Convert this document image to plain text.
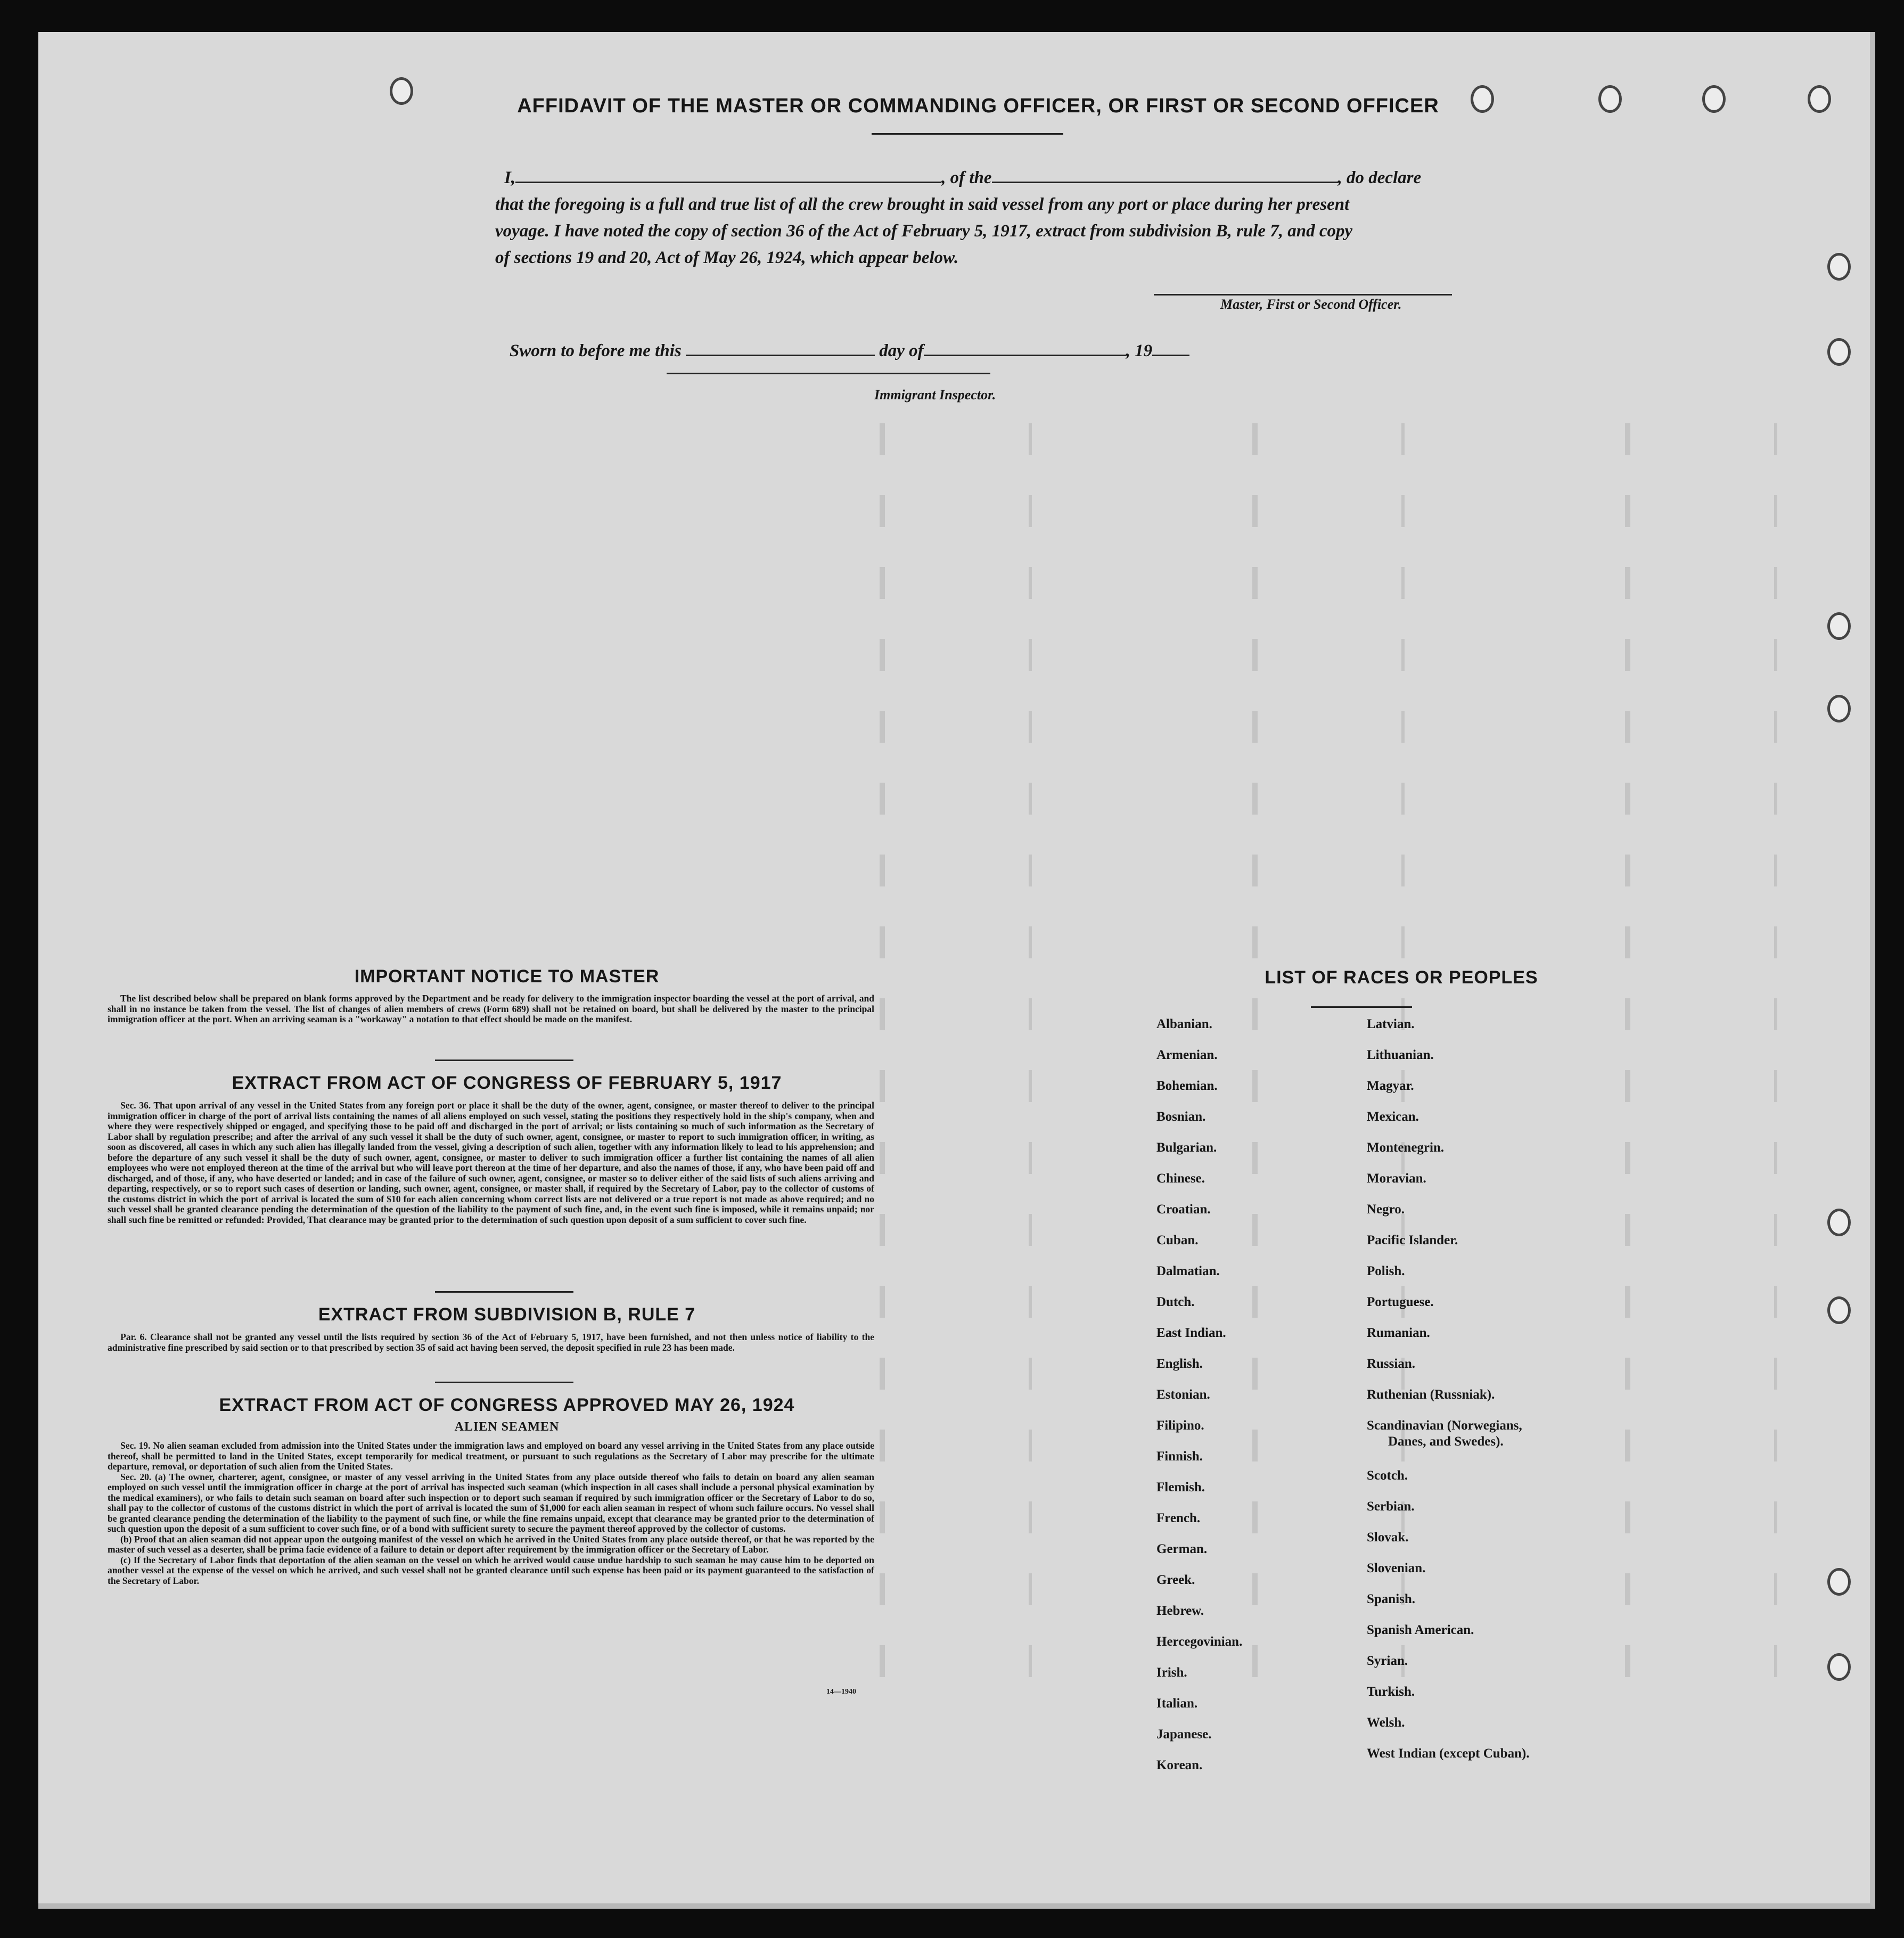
AFFIDAVIT OF THE MASTER OR COMMANDING OFFICER, OR FIRST OR SECOND OFFICER
I,	, of the	, do declare
that the foregoing is a full and true list of all the crew brought in said vessel from any port or place during her present
voyage. I have noted the copy of section 36 of the Act of February 5, 1917, extract from subdivision B, rule 7, and copy
of sections 19 and 20, Act of May 26, 1924, which appear below.
Master, First or Second Officer.
Sworn to before me this	day of	, 19
Immigrant Inspector.
IMPORTANT NOTICE TO MASTER

The list described below shall be prepared on blank forms approved by the Department and be ready for delivery to the immigration inspector boarding the vessel at the port of arrival, and shall in no instance be taken from the vessel. The list of changes of alien members of crews (Form 689) shall not be retained on board, but shall be delivered by the master to the principal immigration officer at the port. When an arriving seaman is a "workaway" a notation to that effect should be made on the manifest.

EXTRACT FROM ACT OF CONGRESS OF FEBRUARY 5, 1917

Sec. 36. That upon arrival of any vessel in the United States from any foreign port or place it shall be the duty of the owner, agent, consignee, or master thereof to deliver to the principal immigration officer in charge of the port of arrival lists containing the names of all aliens employed on such vessel, stating the positions they respectively hold in the ship's company, when and where they were respectively shipped or engaged, and specifying those to be paid off and discharged in the port of arrival; or lists containing so much of such information as the Secretary of Labor shall by regulation prescribe; and after the arrival of any such vessel it shall be the duty of such owner, agent, consignee, or master to report to such immigration officer, in writing, as soon as discovered, all cases in which any such alien has illegally landed from the vessel, giving a description of such alien, together with any information likely to lead to his apprehension; and before the departure of any such vessel it shall be the duty of such owner, agent, consignee, or master to deliver to such immigration officer a further list containing the names of all alien employees who were not employed thereon at the time of the arrival but who will leave port thereon at the time of her departure, and also the names of those, if any, who have been paid off and discharged, and of those, if any, who have deserted or landed; and in case of the failure of such owner, agent, consignee, or master so to deliver either of the said lists of such aliens arriving and departing, respectively, or so to report such cases of desertion or landing, such owner, agent, consignee, or master shall, if required by the Secretary of Labor, pay to the collector of customs of the customs district in which the port of arrival is located the sum of $10 for each alien concerning whom correct lists are not delivered or a true report is not made as above required; and no such vessel shall be granted clearance pending the determination of the question of the liability to the payment of such fine, and, in the event such fine is imposed, while it remains unpaid; nor shall such fine be remitted or refunded: Provided, That clearance may be granted prior to the determination of such question upon deposit of a sum sufficient to cover such fine.

EXTRACT FROM SUBDIVISION B, RULE 7

Par. 6. Clearance shall not be granted any vessel until the lists required by section 36 of the Act of February 5, 1917, have been furnished, and not then unless notice of liability to the administrative fine prescribed by said section or to that prescribed by section 35 of said act having been served, the deposit specified in rule 23 has been made.

EXTRACT FROM ACT OF CONGRESS APPROVED MAY 26, 1924
ALIEN SEAMEN

Sec. 19. No alien seaman excluded from admission into the United States under the immigration laws and employed on board any vessel arriving in the United States from any place outside thereof, shall be permitted to land in the United States, except temporarily for medical treatment, or pursuant to such regulations as the Secretary of Labor may prescribe for the ultimate departure, removal, or deportation of such alien from the United States.

Sec. 20. (a) The owner, charterer, agent, consignee, or master of any vessel arriving in the United States from any place outside thereof who fails to detain on board any alien seaman employed on such vessel until the immigration officer in charge at the port of arrival has inspected such seaman (which inspection in all cases shall include a personal physical examination by the medical examiners), or who fails to detain such seaman on board after such inspection or to deport such seaman if required by such immigration officer or the Secretary of Labor to do so, shall pay to the collector of customs of the customs district in which the port of arrival is located the sum of $1,000 for each alien seaman in respect of whom such failure occurs. No vessel shall be granted clearance pending the determination of the liability to the payment of such fine, or while the fine remains unpaid, except that clearance may be granted prior to the determination of such question upon the deposit of a sum sufficient to cover such fine, or of a bond with sufficient surety to secure the payment thereof approved by the collector of customs.

(b) Proof that an alien seaman did not appear upon the outgoing manifest of the vessel on which he arrived in the United States from any place outside thereof, or that he was reported by the master of such vessel as a deserter, shall be prima facie evidence of a failure to detain or deport after requirement by the immigration officer or the Secretary of Labor.

(c) If the Secretary of Labor finds that deportation of the alien seaman on the vessel on which he arrived would cause undue hardship to such seaman he may cause him to be deported on another vessel at the expense of the vessel on which he arrived, and such vessel shall not be granted clearance until such expense has been paid or its payment guaranteed to the satisfaction of the Secretary of Labor.

14—1940
LIST OF RACES OR PEOPLES
Albanian.
Armenian.
Bohemian.
Bosnian.
Bulgarian.
Chinese.
Croatian.
Cuban.
Dalmatian.
Dutch.
East Indian.
English.
Estonian.
Filipino.
Finnish.
Flemish.
French.
German.
Greek.
Hebrew.
Hercegovinian.
Irish.
Italian.
Japanese.
Korean.
Latvian.
Lithuanian.
Magyar.
Mexican.
Montenegrin.
Moravian.
Negro.
Pacific Islander.
Polish.
Portuguese.
Rumanian.
Russian.
Ruthenian (Russniak).
Scandinavian (Norwegians,
Danes, and Swedes).
Scotch.
Serbian.
Slovak.
Slovenian.
Spanish.
Spanish American.
Syrian.
Turkish.
Welsh.
West Indian (except Cuban).
